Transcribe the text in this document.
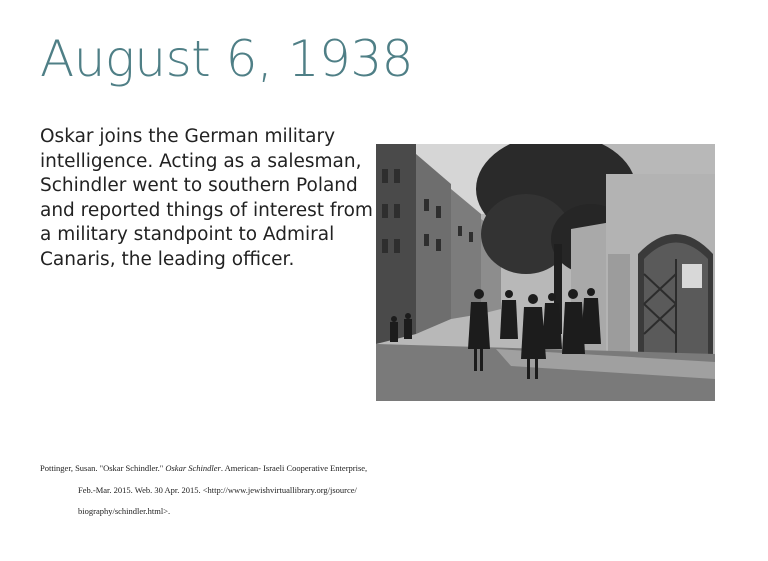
August 6, 1938

Oskar joins the German military intelligence. Acting as a salesman, Schindler went to southern Poland and reported things of interest from a military standpoint to Admiral Canaris, the leading officer.

Pottinger, Susan. "Oskar Schindler." Oskar Schindler. American- Israeli Cooperative Enterprise,
Feb.-Mar. 2015. Web. 30 Apr. 2015. <http://www.jewishvirtuallibrary.org/jsource/
biography/schindler.html>.
